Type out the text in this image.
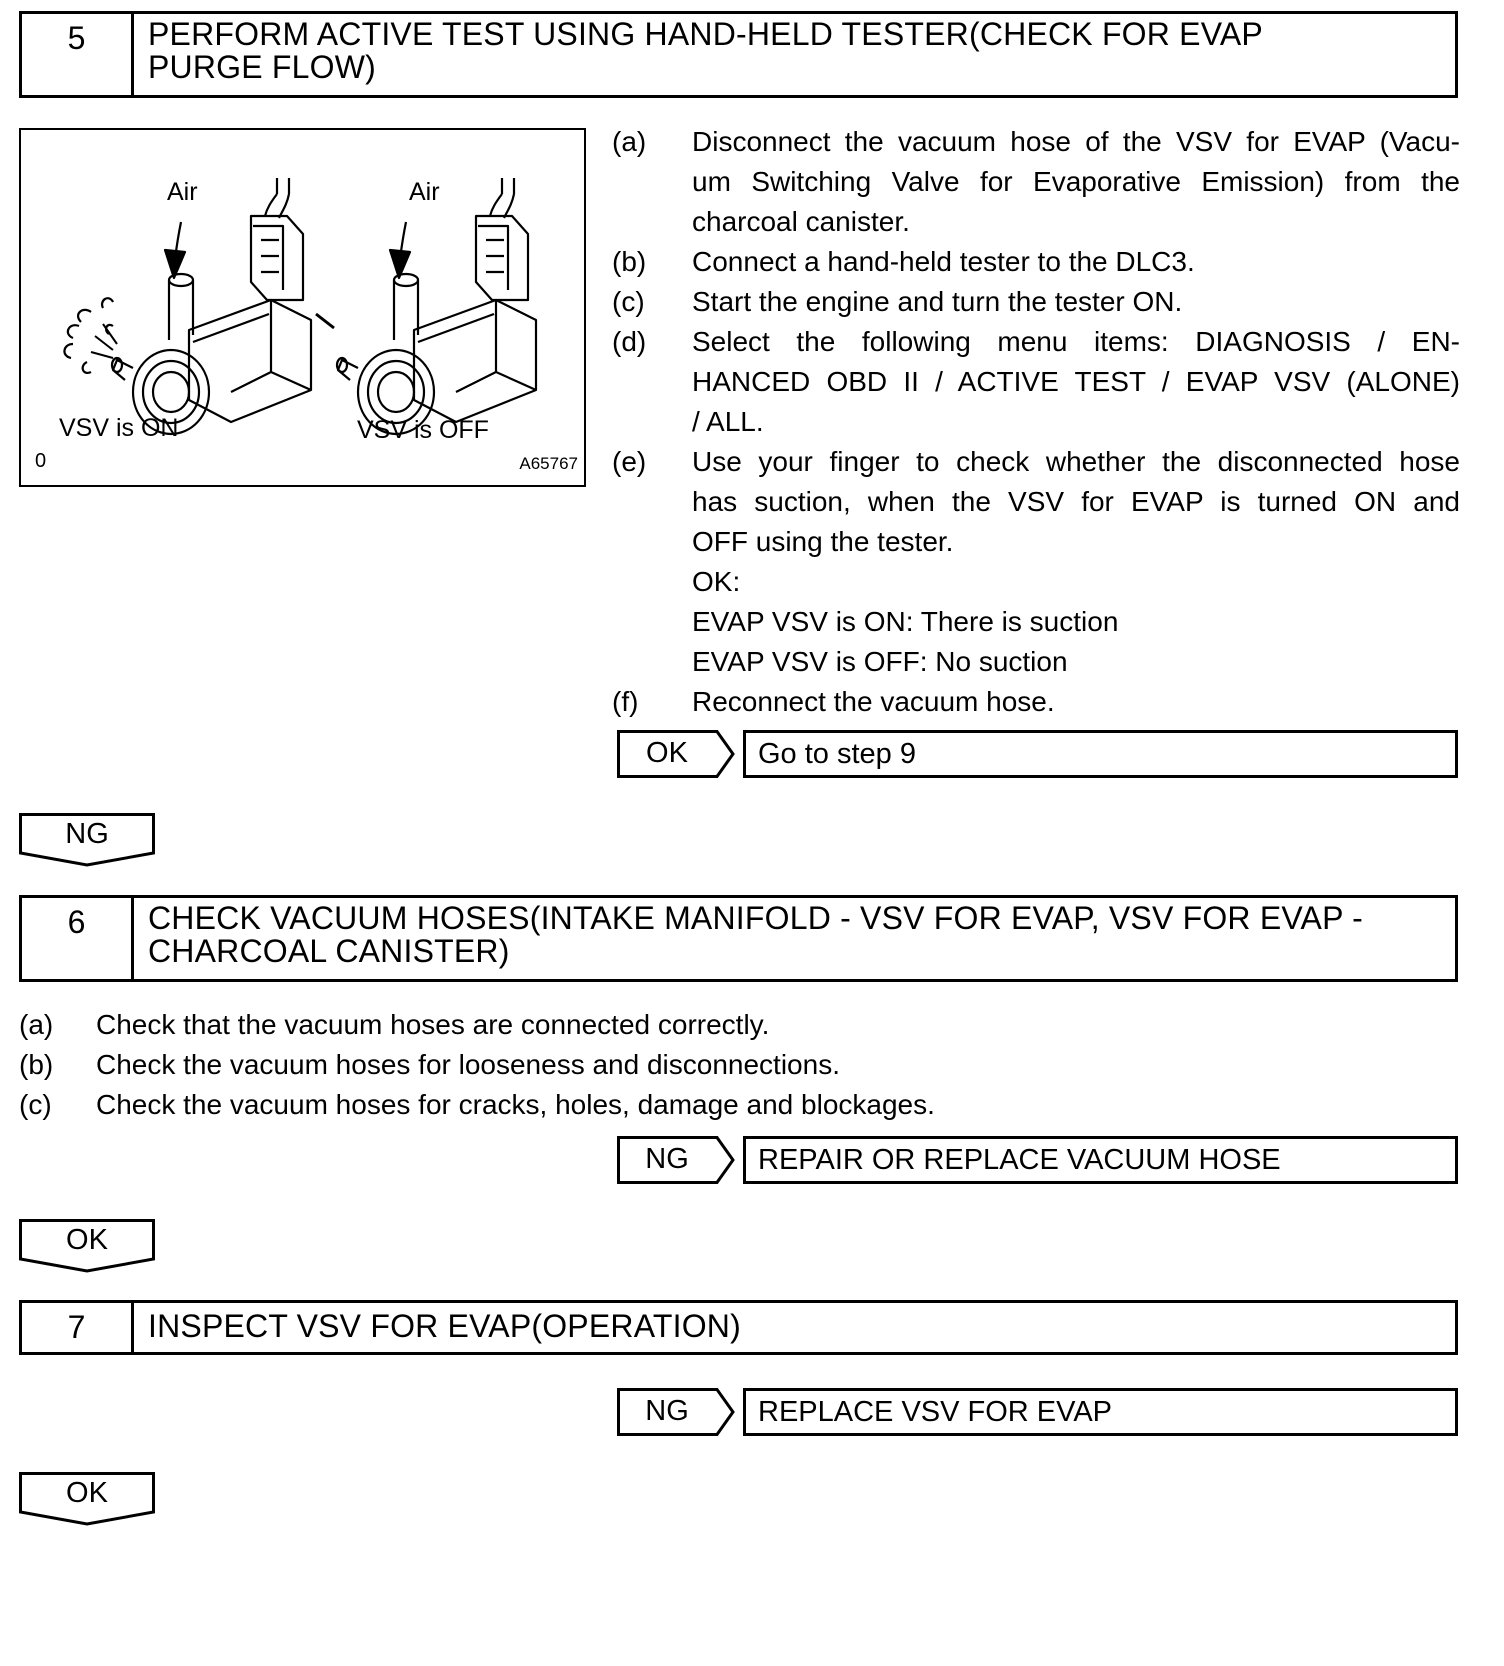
5	PERFORM ACTIVE TEST USING HAND-HELD TESTER(CHECK FOR EVAP
PURGE FLOW)
Air	Air
VSV is ON	VSV is OFF
0	A65767
(a) Disconnect the vacuum hose of the VSV for EVAP (Vacu-
um Switching Valve for Evaporative Emission) from the
charcoal canister.
(b) Connect a hand-held tester to the DLC3.
(c) Start the engine and turn the tester ON.
(d) Select the following menu items: DIAGNOSIS / EN-
HANCED OBD II / ACTIVE TEST / EVAP VSV (ALONE)
/ ALL.
(e) Use your finger to check whether the disconnected hose
has suction, when the VSV for EVAP is turned ON and
OFF using the tester.
OK:
EVAP VSV is ON: There is suction
EVAP VSV is OFF: No suction
(f) Reconnect the vacuum hose.
OK	Go to step 9
NG
6	CHECK VACUUM HOSES(INTAKE MANIFOLD - VSV FOR EVAP, VSV FOR EVAP -
CHARCOAL CANISTER)
(a) Check that the vacuum hoses are connected correctly.
(b) Check the vacuum hoses for looseness and disconnections.
(c) Check the vacuum hoses for cracks, holes, damage and blockages.
NG	REPAIR OR REPLACE VACUUM HOSE
OK
7	INSPECT VSV FOR EVAP(OPERATION)
NG	REPLACE VSV FOR EVAP
OK
